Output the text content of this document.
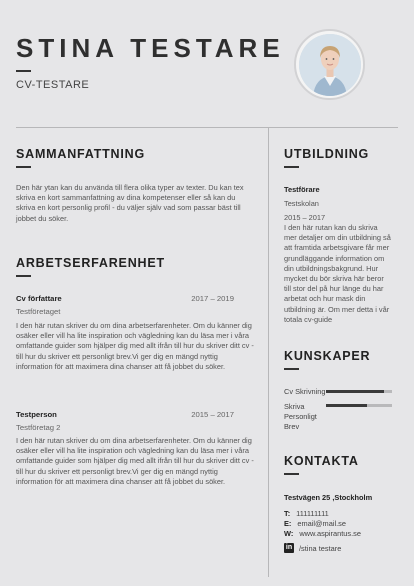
STINA TESTARE
CV-TESTARE
SAMMANFATTNING
Den här ytan kan du använda till flera olika typer av texter. Du kan tex skriva en kort sammanfattning av dina kompetenser eller så kan du skriva en kort personlig profil - du väljer själv vad som passar bäst till jobbet du söker.
ARBETSERFARENHET
Cv författare	2017 – 2019
Testföretaget
I den här rutan skriver du om dina arbetserfarenheter. Om du känner dig osäker eller vill ha lite inspiration och vägledning kan du läsa mer i våra omfattande guider som hjälper dig med allt ifrån till hur du skriver ditt cv - till hur du skriver ett personligt brev.Vi ger dig en mängd nyttig information för att maximera dina chanser att få jobbet du söker.
Testperson	2015 – 2017
Testföretag 2
I den här rutan skriver du om dina arbetserfarenheter. Om du känner dig osäker eller vill ha lite inspiration och vägledning kan du läsa mer i våra omfattande guider som hjälper dig med allt ifrån till hur du skriver ditt cv - till hur du skriver ett personligt brev.Vi ger dig en mängd nyttig information för att maximera dina chanser att få jobbet du söker.
UTBILDNING
Testförare
Testskolan
2015 – 2017
I den här rutan kan du skriva mer detaljer om din utbildning så att framtida arbetsgivare får mer grundläggande information om din utbildningsbakgrund. Hur mycket du bör skriva här beror till stor del på hur länge du har arbetat och hur mask din utbildning är. Om mer detta i vår totala cv-guide
KUNSKAPER
Cv Skrivning
Skriva Personligt Brev
KONTAKTA
Testvägen 25 ,Stockholm
T: 111111111
E: email@mail.se
W: www.aspirantus.se
in /stina testare
